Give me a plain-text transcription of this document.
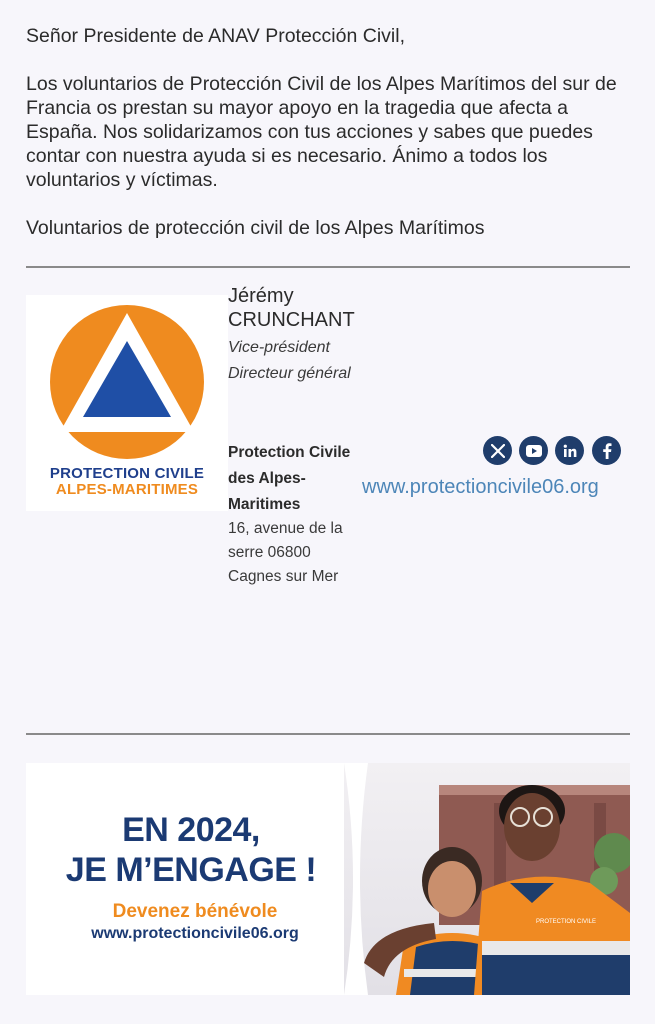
Señor Presidente de ANAV Protección Civil,

Los voluntarios de Protección Civil de los Alpes Marítimos del sur de Francia os prestan su mayor apoyo en la tragedia que afecta a España. Nos solidarizamos con tus acciones y sabes que puedes contar con nuestra ayuda si es necesario. Ánimo a todos los voluntarios y víctimas.

Voluntarios de protección civil de los Alpes Marítimos

PROTECTION CIVILE
ALPES-MARITIMES
Jérémy
CRUNCHANT
Vice-président
Directeur général
Protection Civile
des Alpes-
Maritimes
16, avenue de la
serre 06800
Cagnes sur Mer
www.protectioncivile06.org
EN 2024,
JE M’ENGAGE !
Devenez bénévole
www.protectioncivile06.org
PROTECTION CIVILE
